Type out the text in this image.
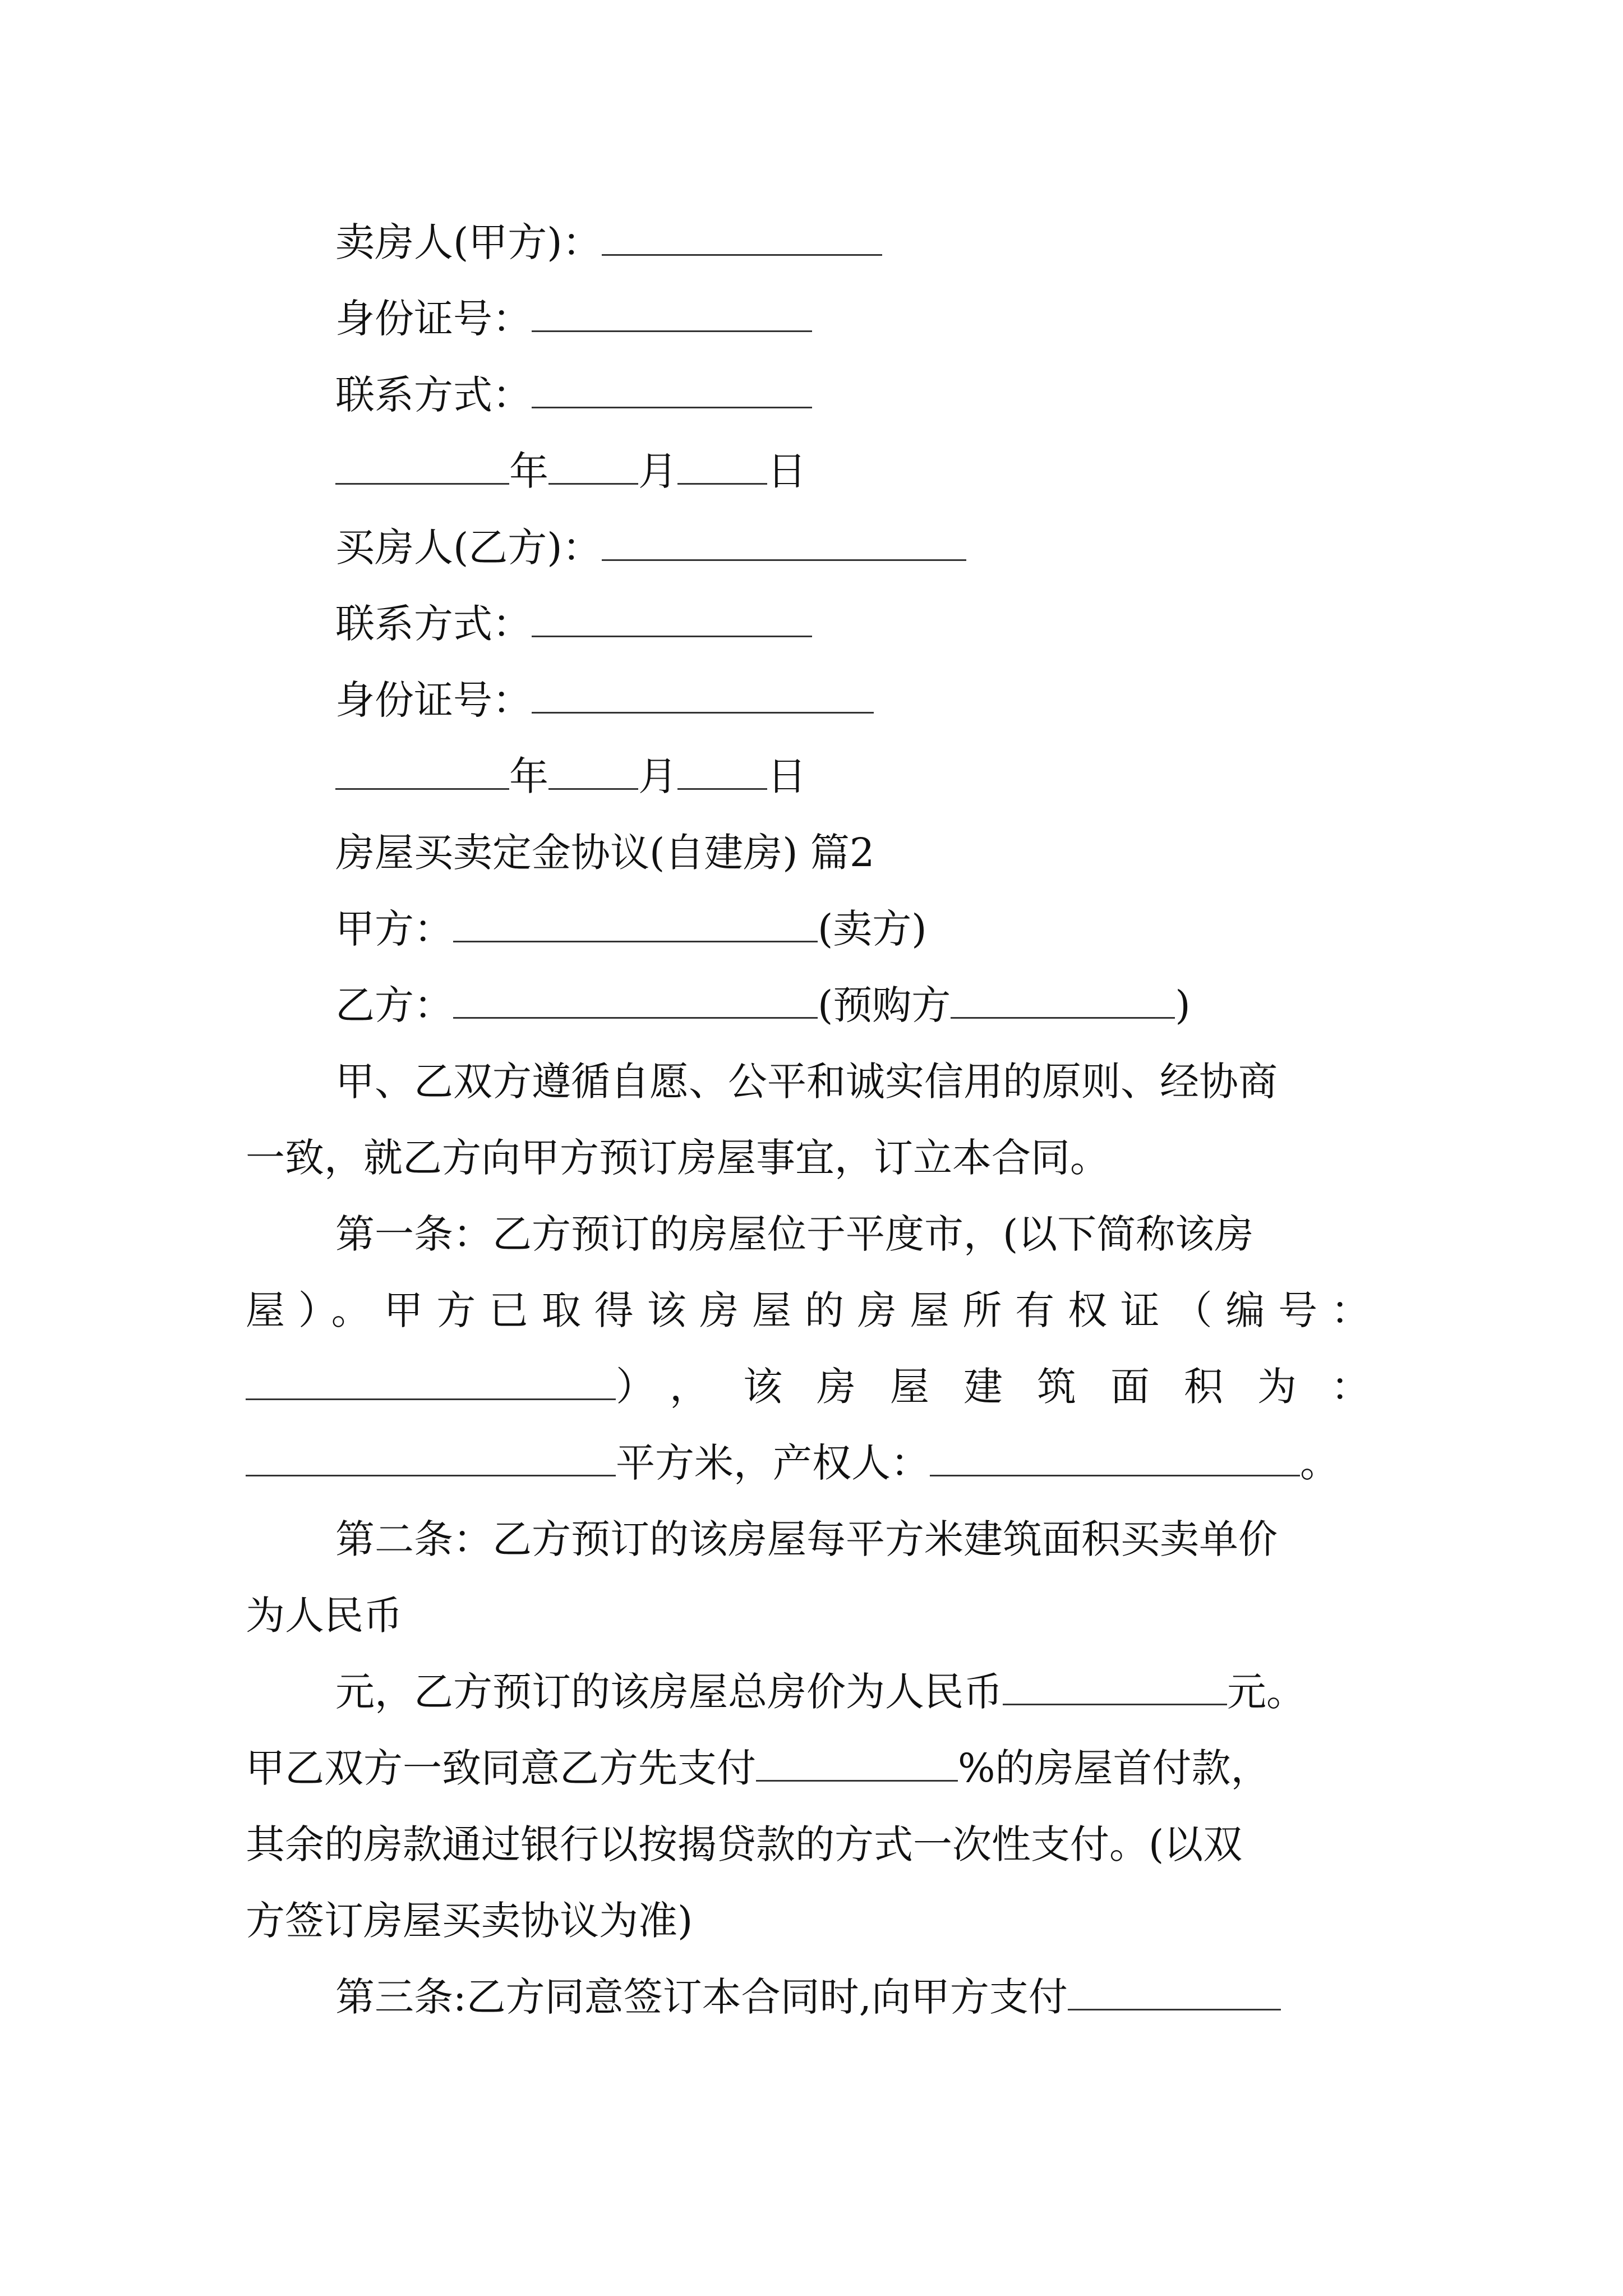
卖房人(甲方)：
身份证号：
联系方式：
年 月 日
买房人(乙方)：
联系方式：
身份证号：
年 月 日
房屋买卖定金协议(自建房) 篇2
甲方：	(卖方)
乙方：	(预购方	)
甲、乙双方遵循自愿、公平和诚实信用的原则、经协商
一致，就乙方向甲方预订房屋事宜，订立本合同。
第一条：乙方预订的房屋位于平度市，(以下简称该房
屋）。甲方已取得该房屋的房屋所有权证（编号：
），该房屋建筑面积为：
平方米，产权人：	。
第二条：乙方预订的该房屋每平方米建筑面积买卖单价
为人民币
元，乙方预订的该房屋总房价为人民币	元。
甲乙双方一致同意乙方先支付	%的房屋首付款，
其余的房款通过银行以按揭贷款的方式一次性支付。(以双
方签订房屋买卖协议为准)
第三条:乙方同意签订本合同时,向甲方支付
